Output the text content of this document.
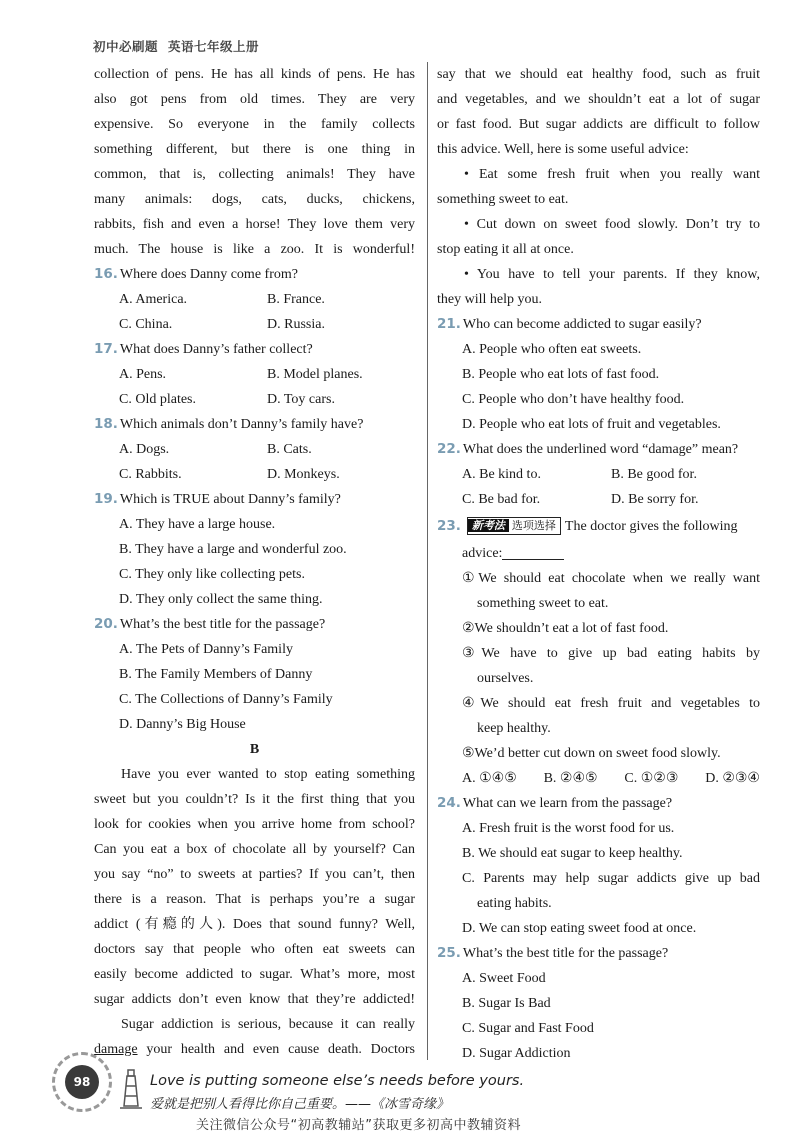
初中必刷题 英语七年级上册
collection of pens. He has all kinds of pens. He has
also got pens from old times. They are very
expensive. So everyone in the family collects
something different, but there is one thing in
common, that is, collecting animals! They have
many animals: dogs, cats, ducks, chickens,
rabbits, fish and even a horse! They love them very
much. The house is like a zoo. It is wonderful!
16. Where does Danny come from?
A. America.	B. France.
C. China.	D. Russia.
17. What does Danny’s father collect?
A. Pens.	B. Model planes.
C. Old plates.	D. Toy cars.
18. Which animals don’t Danny’s family have?
A. Dogs.	B. Cats.
C. Rabbits.	D. Monkeys.
19. Which is TRUE about Danny’s family?
A. They have a large house.
B. They have a large and wonderful zoo.
C. They only like collecting pets.
D. They only collect the same thing.
20. What’s the best title for the passage?
A. The Pets of Danny’s Family
B. The Family Members of Danny
C. The Collections of Danny’s Family
D. Danny’s Big House
B
Have you ever wanted to stop eating something
sweet but you couldn’t? Is it the first thing that you
look for cookies when you arrive home from school?
Can you eat a box of chocolate all by yourself? Can
you say “no” to sweets at parties? If you can’t, then
there is a reason. That is perhaps you’re a sugar
addict (有瘾的人). Does that sound funny? Well,
doctors say that people who often eat sweets can
easily become addicted to sugar. What’s more, most
sugar addicts don’t even know that they’re addicted!
Sugar addiction is serious, because it can really
damage your health and even cause death. Doctors
say that we should eat healthy food, such as fruit
and vegetables, and we shouldn’t eat a lot of sugar
or fast food. But sugar addicts are difficult to follow
this advice. Well, here is some useful advice:
• Eat some fresh fruit when you really want
something sweet to eat.
• Cut down on sweet food slowly. Don’t try to
stop eating it all at once.
• You have to tell your parents. If they know,
they will help you.
21. Who can become addicted to sugar easily?
A. People who often eat sweets.
B. People who eat lots of fast food.
C. People who don’t have healthy food.
D. People who eat lots of fruit and vegetables.
22. What does the underlined word “damage” mean?
A. Be kind to.	B. Be good for.
C. Be bad for.	D. Be sorry for.
23. 新考法 选项选择 The doctor gives the following
advice:
①We should eat chocolate when we really want
something sweet to eat.
②We shouldn’t eat a lot of fast food.
③We have to give up bad eating habits by
ourselves.
④We should eat fresh fruit and vegetables to
keep healthy.
⑤We’d better cut down on sweet food slowly.
A. ①④⑤ B. ②④⑤ C. ①②③ D. ②③④
24. What can we learn from the passage?
A. Fresh fruit is the worst food for us.
B. We should eat sugar to keep healthy.
C. Parents may help sugar addicts give up bad
eating habits.
D. We can stop eating sweet food at once.
25. What’s the best title for the passage?
A. Sweet Food
B. Sugar Is Bad
C. Sugar and Fast Food
D. Sugar Addiction
98	Love is putting someone else’s needs before yours.
爱就是把别人看得比你自己重要。——《冰雪奇缘》
关注微信公众号“初高教辅站”获取更多初高中教辅资料
